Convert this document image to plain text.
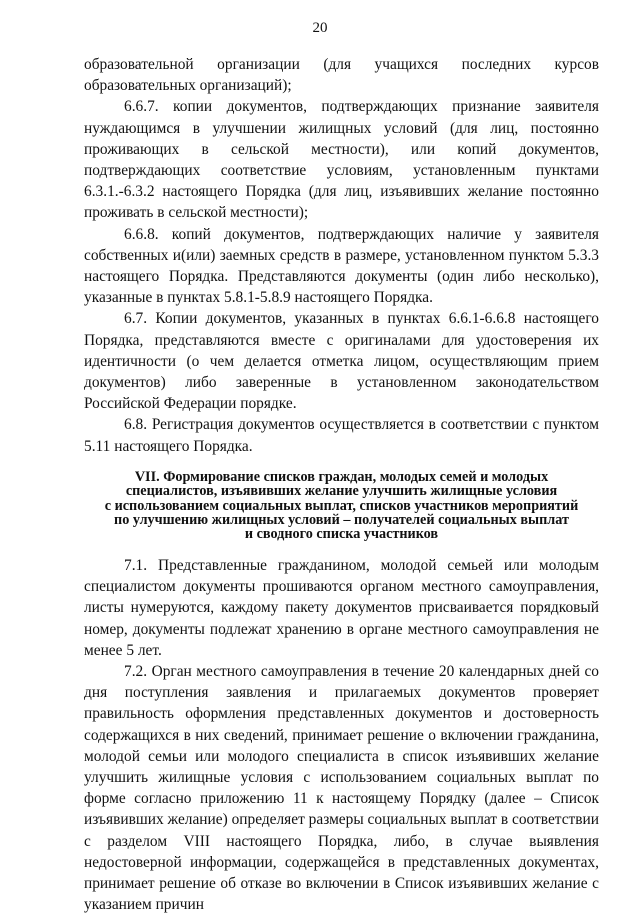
20

образовательной организации (для учащихся последних курсов образовательных организаций);

6.6.7. копии документов, подтверждающих признание заявителя нуждающимся в улучшении жилищных условий (для лиц, постоянно проживающих в сельской местности), или копий документов, подтверждающих соответствие условиям, установленным пунктами 6.3.1.-6.3.2 настоящего Порядка (для лиц, изъявивших желание постоянно проживать в сельской местности);

6.6.8. копий документов, подтверждающих наличие у заявителя собственных и(или) заемных средств в размере, установленном пунктом 5.3.3 настоящего Порядка. Представляются документы (один либо несколько), указанные в пунктах 5.8.1-5.8.9 настоящего Порядка.

6.7. Копии документов, указанных в пунктах 6.6.1-6.6.8 настоящего Порядка, представляются вместе с оригиналами для удостоверения их идентичности (о чем делается отметка лицом, осуществляющим прием документов) либо заверенные в установленном законодательством Российской Федерации порядке.

6.8. Регистрация документов осуществляется в соответствии с пунктом 5.11 настоящего Порядка.

VII. Формирование списков граждан, молодых семей и молодых
специалистов, изъявивших желание улучшить жилищные условия
с использованием социальных выплат, списков участников мероприятий
по улучшению жилищных условий – получателей социальных выплат
и сводного списка участников

7.1. Представленные гражданином, молодой семьей или молодым специалистом документы прошиваются органом местного самоуправления, листы нумеруются, каждому пакету документов присваивается порядковый номер, документы подлежат хранению в органе местного самоуправления не менее 5 лет.

7.2. Орган местного самоуправления в течение 20 календарных дней со дня поступления заявления и прилагаемых документов проверяет правильность оформления представленных документов и достоверность содержащихся в них сведений, принимает решение о включении гражданина, молодой семьи или молодого специалиста в список изъявивших желание улучшить жилищные условия с использованием социальных выплат по форме согласно приложению 11 к настоящему Порядку (далее – Список изъявивших желание) определяет размеры социальных выплат в соответствии с разделом VIII настоящего Порядка, либо, в случае выявления недостоверной информации, содержащейся в представленных документах, принимает решение об отказе во включении в Список изъявивших желание с указанием причин
